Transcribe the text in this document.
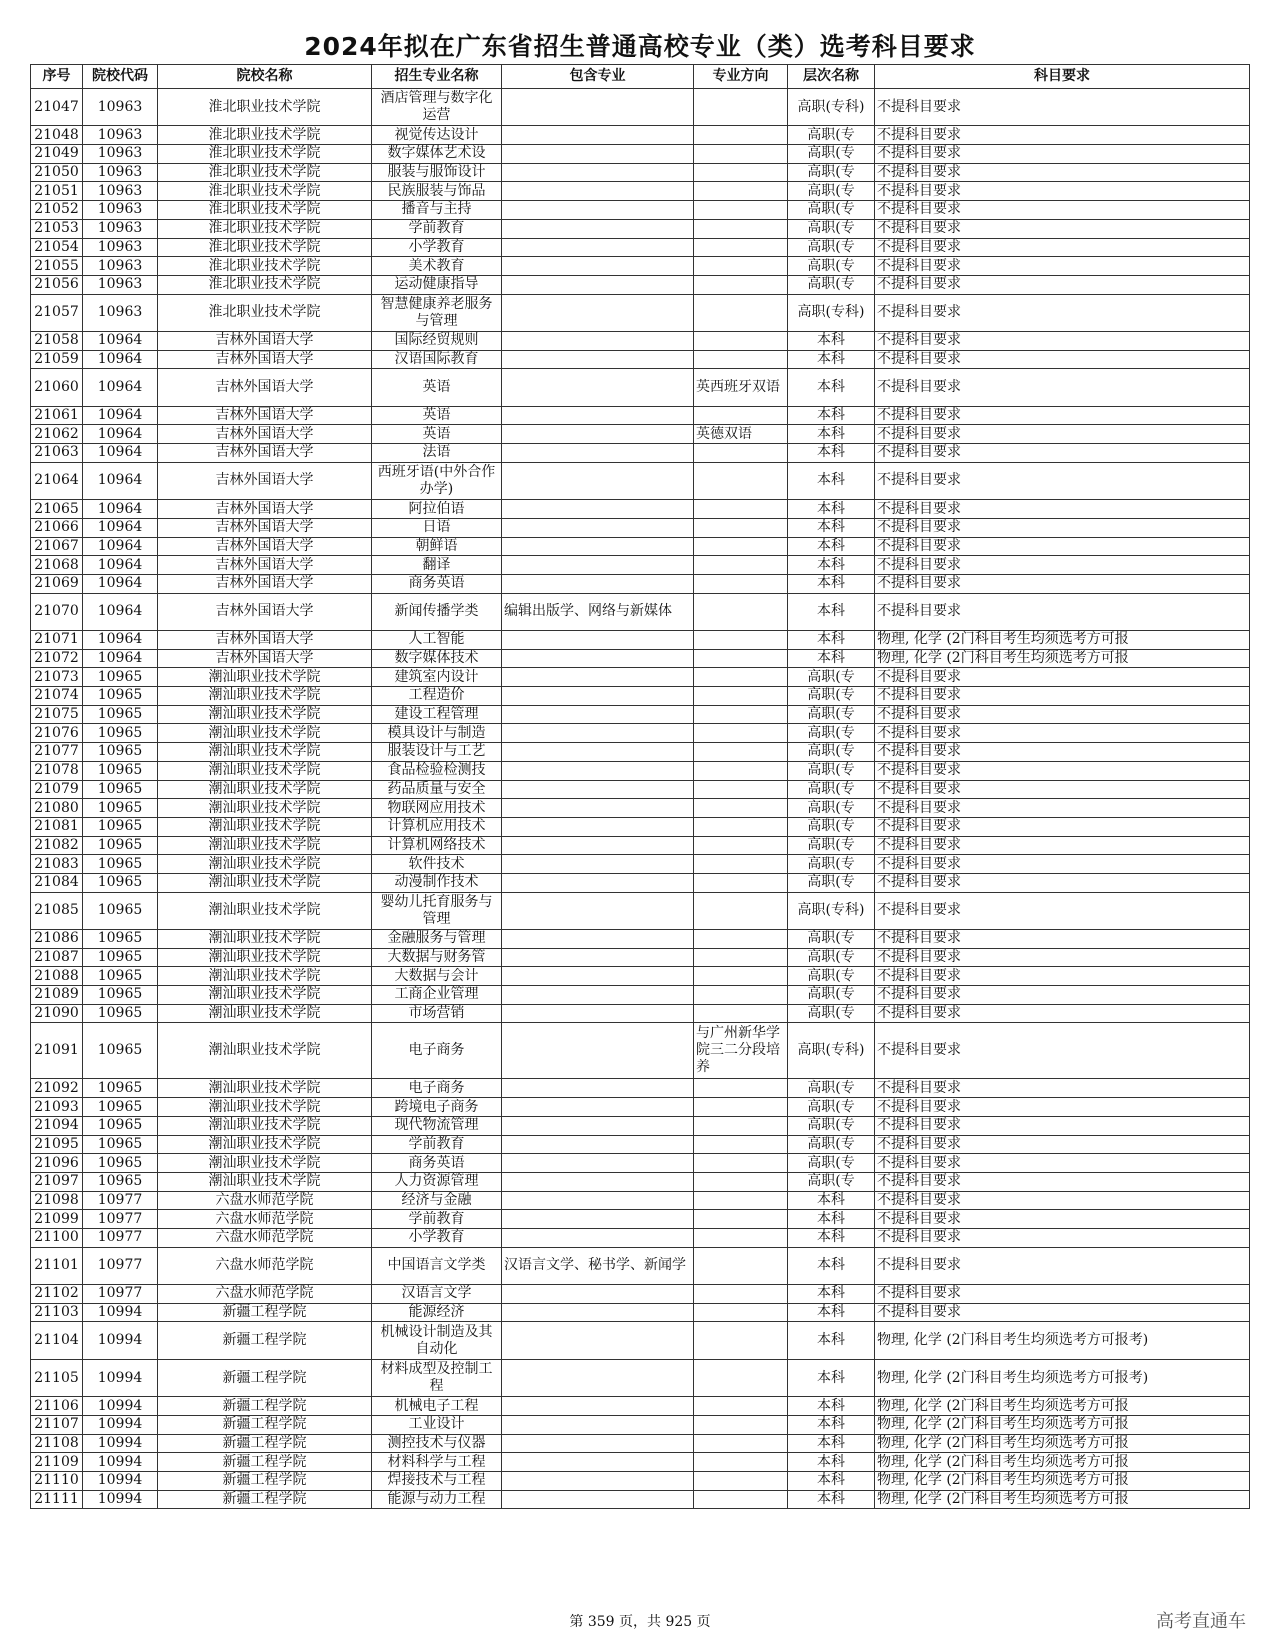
2024年拟在广东省招生普通高校专业（类）选考科目要求
序号	院校代码	院校名称	招生专业名称	包含专业	专业方向	层次名称	科目要求
21047	10963	淮北职业技术学院	酒店管理与数字化运营			高职(专科)	不提科目要求
21048	10963	淮北职业技术学院	视觉传达设计			高职(专	不提科目要求
21049	10963	淮北职业技术学院	数字媒体艺术设			高职(专	不提科目要求
21050	10963	淮北职业技术学院	服装与服饰设计			高职(专	不提科目要求
21051	10963	淮北职业技术学院	民族服装与饰品			高职(专	不提科目要求
21052	10963	淮北职业技术学院	播音与主持			高职(专	不提科目要求
21053	10963	淮北职业技术学院	学前教育			高职(专	不提科目要求
21054	10963	淮北职业技术学院	小学教育			高职(专	不提科目要求
21055	10963	淮北职业技术学院	美术教育			高职(专	不提科目要求
21056	10963	淮北职业技术学院	运动健康指导			高职(专	不提科目要求
21057	10963	淮北职业技术学院	智慧健康养老服务与管理			高职(专科)	不提科目要求
21058	10964	吉林外国语大学	国际经贸规则			本科	不提科目要求
21059	10964	吉林外国语大学	汉语国际教育			本科	不提科目要求
21060	10964	吉林外国语大学	英语		英西班牙双语	本科	不提科目要求
21061	10964	吉林外国语大学	英语			本科	不提科目要求
21062	10964	吉林外国语大学	英语		英德双语	本科	不提科目要求
21063	10964	吉林外国语大学	法语			本科	不提科目要求
21064	10964	吉林外国语大学	西班牙语(中外合作办学)			本科	不提科目要求
21065	10964	吉林外国语大学	阿拉伯语			本科	不提科目要求
21066	10964	吉林外国语大学	日语			本科	不提科目要求
21067	10964	吉林外国语大学	朝鲜语			本科	不提科目要求
21068	10964	吉林外国语大学	翻译			本科	不提科目要求
21069	10964	吉林外国语大学	商务英语			本科	不提科目要求
21070	10964	吉林外国语大学	新闻传播学类	编辑出版学、网络与新媒体		本科	不提科目要求
21071	10964	吉林外国语大学	人工智能			本科	物理, 化学 (2门科目考生均须选考方可报
21072	10964	吉林外国语大学	数字媒体技术			本科	物理, 化学 (2门科目考生均须选考方可报
21073	10965	潮汕职业技术学院	建筑室内设计			高职(专	不提科目要求
21074	10965	潮汕职业技术学院	工程造价			高职(专	不提科目要求
21075	10965	潮汕职业技术学院	建设工程管理			高职(专	不提科目要求
21076	10965	潮汕职业技术学院	模具设计与制造			高职(专	不提科目要求
21077	10965	潮汕职业技术学院	服装设计与工艺			高职(专	不提科目要求
21078	10965	潮汕职业技术学院	食品检验检测技			高职(专	不提科目要求
21079	10965	潮汕职业技术学院	药品质量与安全			高职(专	不提科目要求
21080	10965	潮汕职业技术学院	物联网应用技术			高职(专	不提科目要求
21081	10965	潮汕职业技术学院	计算机应用技术			高职(专	不提科目要求
21082	10965	潮汕职业技术学院	计算机网络技术			高职(专	不提科目要求
21083	10965	潮汕职业技术学院	软件技术			高职(专	不提科目要求
21084	10965	潮汕职业技术学院	动漫制作技术			高职(专	不提科目要求
21085	10965	潮汕职业技术学院	婴幼儿托育服务与管理			高职(专科)	不提科目要求
21086	10965	潮汕职业技术学院	金融服务与管理			高职(专	不提科目要求
21087	10965	潮汕职业技术学院	大数据与财务管			高职(专	不提科目要求
21088	10965	潮汕职业技术学院	大数据与会计			高职(专	不提科目要求
21089	10965	潮汕职业技术学院	工商企业管理			高职(专	不提科目要求
21090	10965	潮汕职业技术学院	市场营销			高职(专	不提科目要求
21091	10965	潮汕职业技术学院	电子商务		与广州新华学院三二分段培养	高职(专科)	不提科目要求
21092	10965	潮汕职业技术学院	电子商务			高职(专	不提科目要求
21093	10965	潮汕职业技术学院	跨境电子商务			高职(专	不提科目要求
21094	10965	潮汕职业技术学院	现代物流管理			高职(专	不提科目要求
21095	10965	潮汕职业技术学院	学前教育			高职(专	不提科目要求
21096	10965	潮汕职业技术学院	商务英语			高职(专	不提科目要求
21097	10965	潮汕职业技术学院	人力资源管理			高职(专	不提科目要求
21098	10977	六盘水师范学院	经济与金融			本科	不提科目要求
21099	10977	六盘水师范学院	学前教育			本科	不提科目要求
21100	10977	六盘水师范学院	小学教育			本科	不提科目要求
21101	10977	六盘水师范学院	中国语言文学类	汉语言文学、秘书学、新闻学		本科	不提科目要求
21102	10977	六盘水师范学院	汉语言文学			本科	不提科目要求
21103	10994	新疆工程学院	能源经济			本科	不提科目要求
21104	10994	新疆工程学院	机械设计制造及其自动化			本科	物理, 化学 (2门科目考生均须选考方可报考)
21105	10994	新疆工程学院	材料成型及控制工程			本科	物理, 化学 (2门科目考生均须选考方可报考)
21106	10994	新疆工程学院	机械电子工程			本科	物理, 化学 (2门科目考生均须选考方可报
21107	10994	新疆工程学院	工业设计			本科	物理, 化学 (2门科目考生均须选考方可报
21108	10994	新疆工程学院	测控技术与仪器			本科	物理, 化学 (2门科目考生均须选考方可报
21109	10994	新疆工程学院	材料科学与工程			本科	物理, 化学 (2门科目考生均须选考方可报
21110	10994	新疆工程学院	焊接技术与工程			本科	物理, 化学 (2门科目考生均须选考方可报
21111	10994	新疆工程学院	能源与动力工程			本科	物理, 化学 (2门科目考生均须选考方可报
第 359 页，共 925 页	高考直通车
